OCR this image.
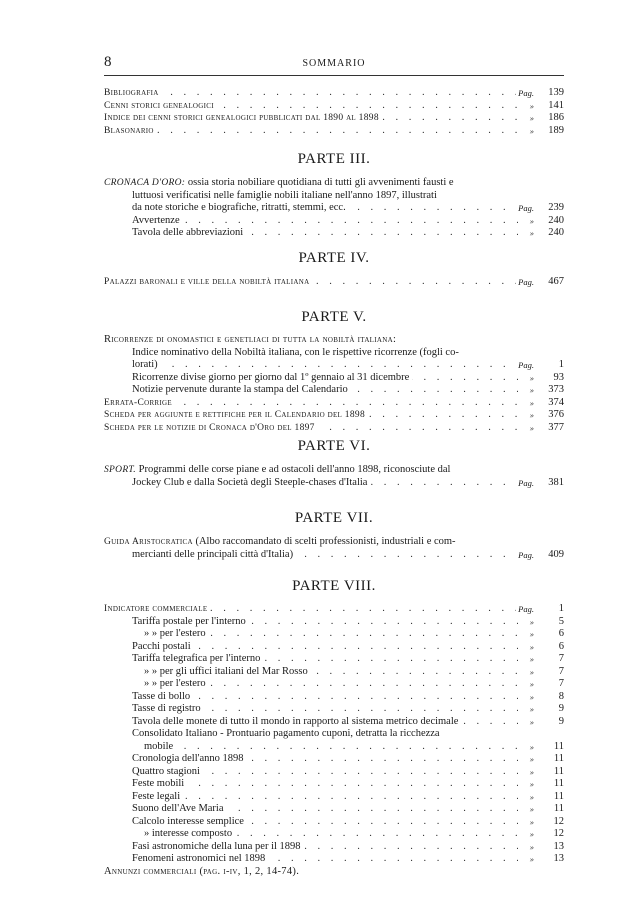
8	SOMMARIO
. . .
Bibliografia	Pag.	139
. . .
Cenni storici genealogici	»	141
. . .
Indice dei cenni storici genealogici pubblicati dal 1890 al 1898	»	186
. . .
Blasonario	»	189
PARTE III.
CRONACA D'ORO: ossia storia nobiliare quotidiana di tutti gli avvenimenti fausti e
luttuosi verificatisi nelle famiglie nobili italiane nell'anno 1897, illustrati
. . .
da note storiche e biografiche, ritratti, stemmi, ecc.	Pag.	239
. . .
Avvertenze	»	240
. . .
Tavola delle abbreviazioni	»	240
PARTE IV.
. . .
Palazzi baronali e ville della nobiltà italiana	Pag.	467
PARTE V.
Ricorrenze di onomastici e genetliaci di tutta la nobiltà italiana:
Indice nominativo della Nobiltà italiana, con le rispettive ricorrenze (fogli co-
. . .
lorati)	Pag.	1
. . .
Ricorrenze divise giorno per giorno dal 1º gennaio al 31 dicembre	»	93
. . .
Notizie pervenute durante la stampa del Calendario	»	373
. . .
Errata-Corrige	»	374
. . .
Scheda per aggiunte e rettifiche per il Calendario del 1898	»	376
. . .
Scheda per le notizie di Cronaca d'Oro del 1897	»	377
PARTE VI.
SPORT. Programmi delle corse piane e ad ostacoli dell'anno 1898, riconosciute dal
. . .
Jockey Club e dalla Società degli Steeple-chases d'Italia	Pag.	381
PARTE VII.
Guida Aristocratica (Albo raccomandato di scelti professionisti, industriali e com-
. . .
mercianti delle principali città d'Italia)	Pag.	409
PARTE VIII.
. . .
Indicatore commerciale	Pag.	1
. . .
Tariffa postale per l'interno	»	5
. . .
» » per l'estero	»	6
. . .
Pacchi postali	»	6
. . .
Tariffa telegrafica per l'interno	»	7
. . .
» » per gli uffici italiani del Mar Rosso	»	7
. . .
» » per l'estero	»	7
. . .
Tasse di bollo	»	8
. . .
Tasse di registro	»	9
. . .
Tavola delle monete di tutto il mondo in rapporto al sistema metrico decimale	»	9
Consolidato Italiano - Prontuario pagamento cuponi, detratta la ricchezza
. . .
mobile	»	11
. . .
Cronologia dell'anno 1898	»	11
. . .
Quattro stagioni	»	11
. . .
Feste mobili	»	11
. . .
Feste legali	»	11
. . .
Suono dell'Ave Maria	»	11
. . .
Calcolo interesse semplice	»	12
. . .
» interesse composto	»	12
. . .
Fasi astronomiche della luna per il 1898	»	13
. . .
Fenomeni astronomici nel 1898	»	13
Annunzi commerciali (pag. i-iv, 1, 2, 14-74).
